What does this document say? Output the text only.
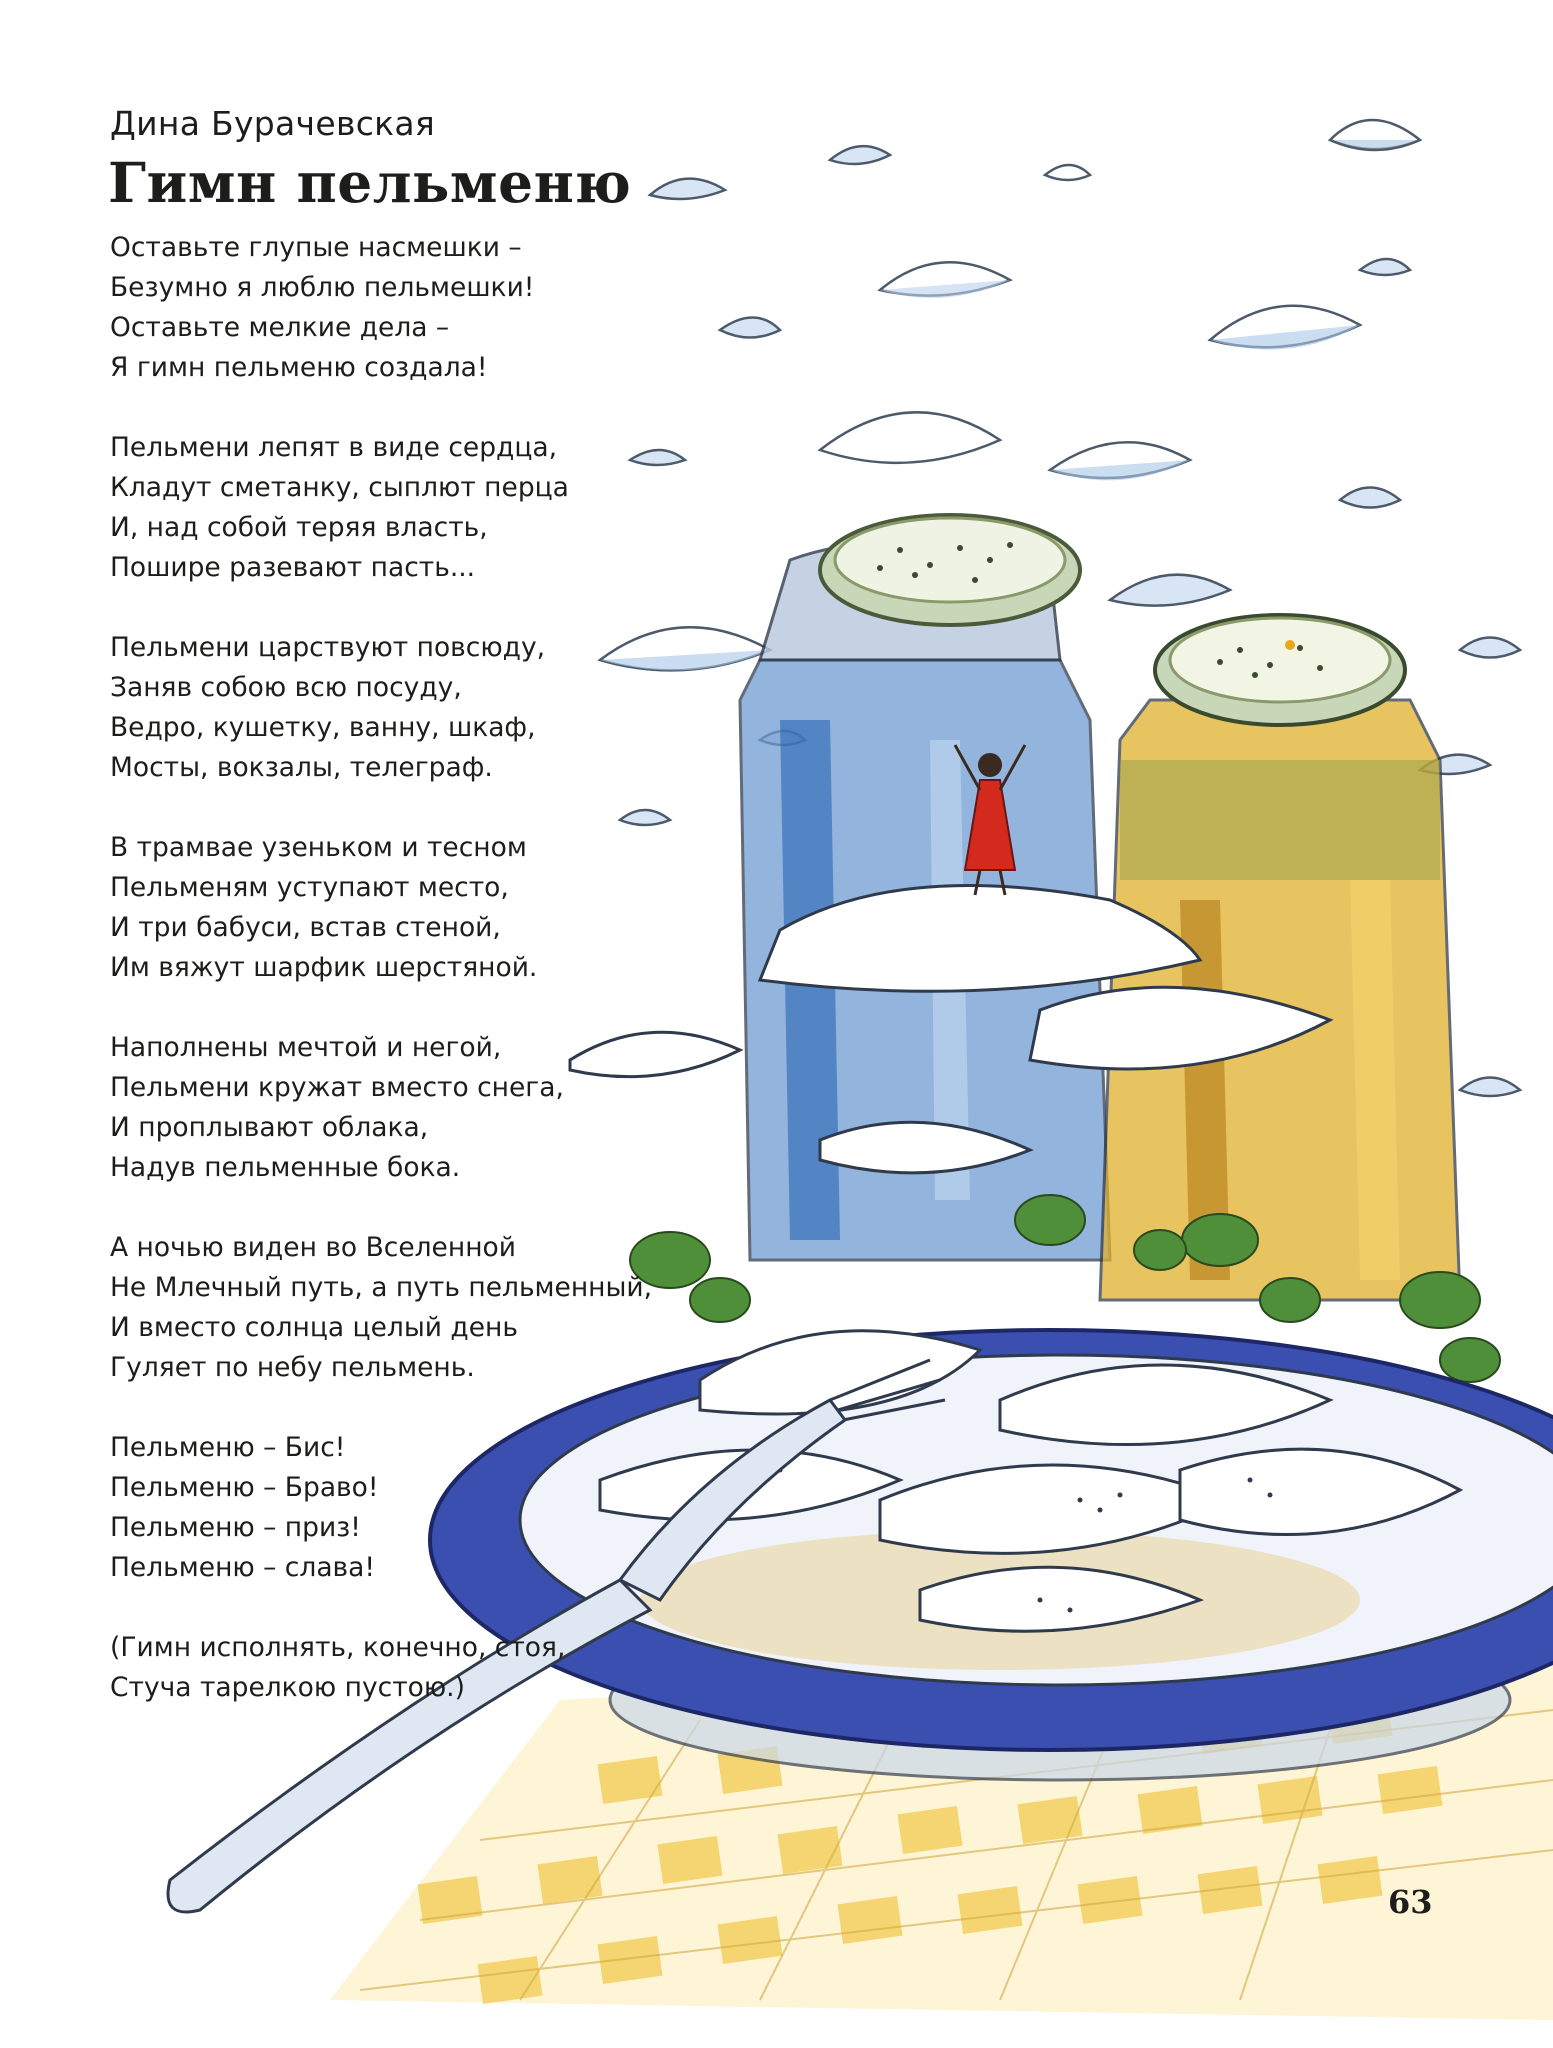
Дина Бурачевская
Гимн пельменю
Оставьте глупые насмешки –
Безумно я люблю пельмешки!
Оставьте мелкие дела –
Я гимн пельменю создала!
Пельмени лепят в виде сердца,
Кладут сметанку, сыплют перца
И, над собой теряя власть,
Пошире разевают пасть...
Пельмени царствуют повсюду,
Заняв собою всю посуду,
Ведро, кушетку, ванну, шкаф,
Мосты, вокзалы, телеграф.
В трамвае узеньком и тесном
Пельменям уступают место,
И три бабуси, встав стеной,
Им вяжут шарфик шерстяной.
Наполнены мечтой и негой,
Пельмени кружат вместо снега,
И проплывают облака,
Надув пельменные бока.
А ночью виден во Вселенной
Не Млечный путь, а путь пельменный,
И вместо солнца целый день
Гуляет по небу пельмень.
Пельменю – Бис!
Пельменю – Браво!
Пельменю – приз!
Пельменю – слава!
(Гимн исполнять, конечно, стоя,
Стуча тарелкою пустою.)
63
